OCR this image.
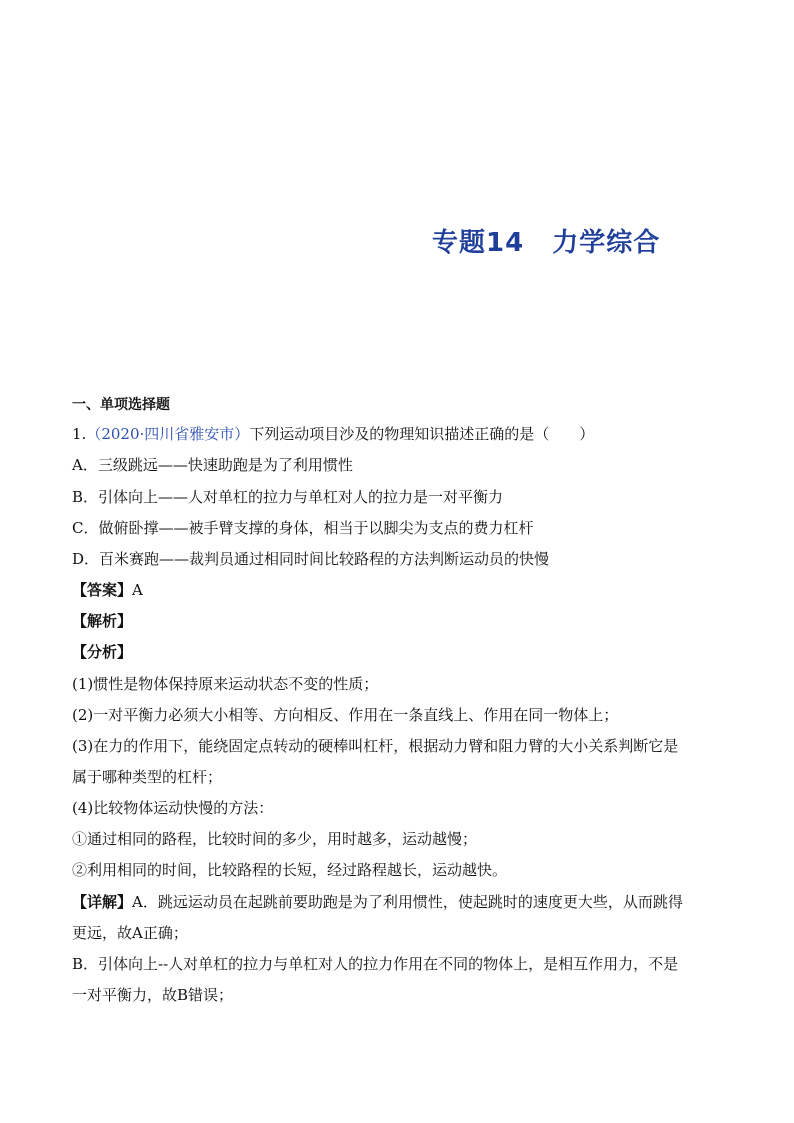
专题14 力学综合
一、单项选择题
1.（2020·四川省雅安市）下列运动项目沙及的物理知识描述正确的是（　　）
A．三级跳远——快速助跑是为了利用惯性
B．引体向上——人对单杠的拉力与单杠对人的拉力是一对平衡力
C．做俯卧撑——被手臂支撑的身体，相当于以脚尖为支点的费力杠杆
D．百米赛跑——裁判员通过相同时间比较路程的方法判断运动员的快慢
【答案】A
【解析】
【分析】
(1)惯性是物体保持原来运动状态不变的性质；
(2)一对平衡力必须大小相等、方向相反、作用在一条直线上、作用在同一物体上；
(3)在力的作用下，能绕固定点转动的硬棒叫杠杆，根据动力臂和阻力臂的大小关系判断它是
属于哪种类型的杠杆；
(4)比较物体运动快慢的方法：
①通过相同的路程，比较时间的多少，用时越多，运动越慢；
②利用相同的时间，比较路程的长短，经过路程越长，运动越快。
【详解】A．跳远运动员在起跳前要助跑是为了利用惯性，使起跳时的速度更大些，从而跳得
更远，故A正确；
B．引体向上--人对单杠的拉力与单杠对人的拉力作用在不同的物体上，是相互作用力，不是
一对平衡力，故B错误；
